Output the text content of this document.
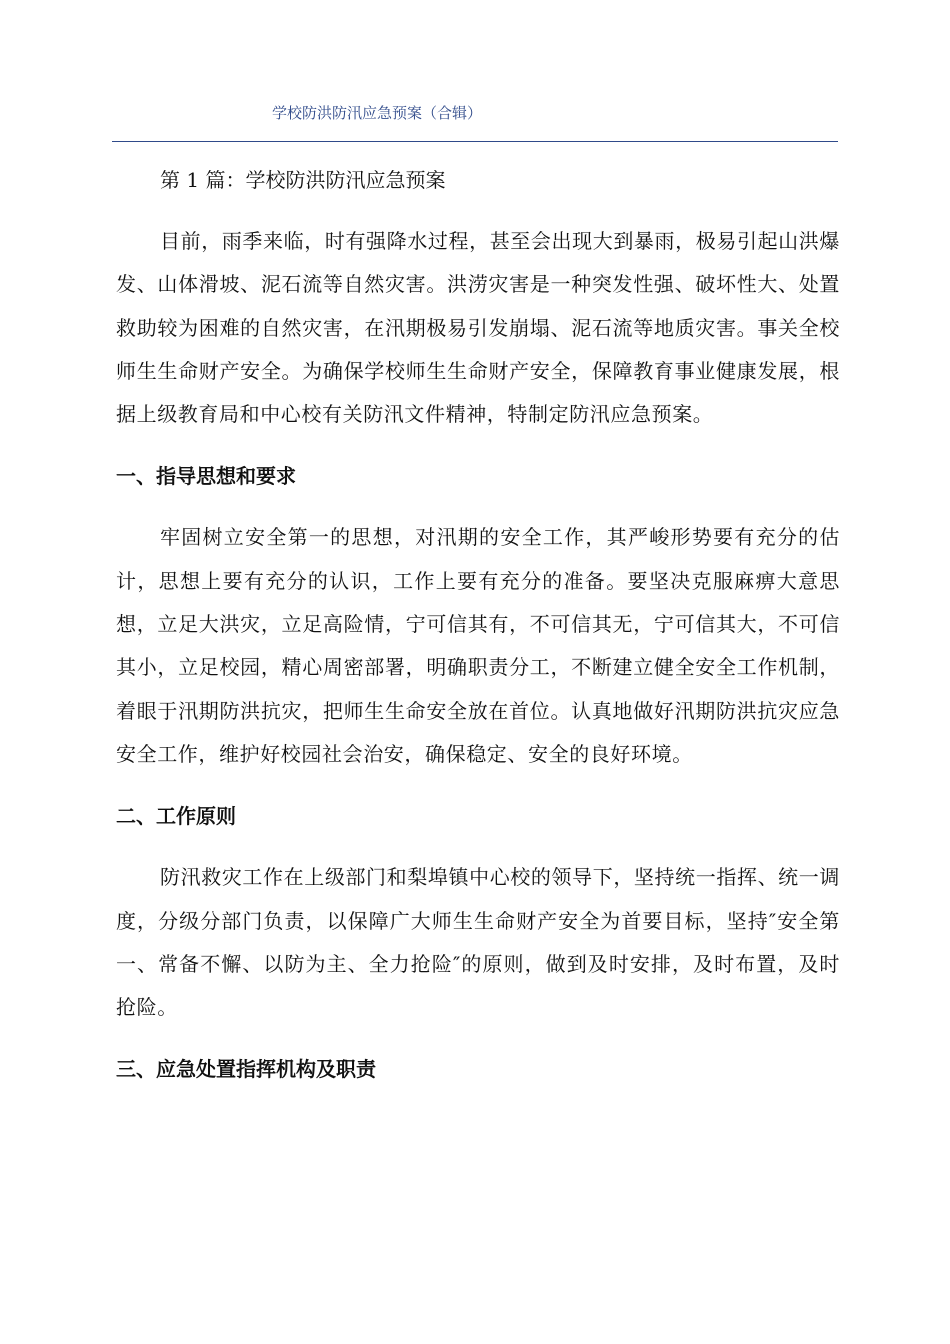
学校防洪防汛应急预案（合辑）

第 1 篇：学校防洪防汛应急预案

目前，雨季来临，时有强降水过程，甚至会出现大到暴雨，极易引起山洪爆发、山体滑坡、泥石流等自然灾害。洪涝灾害是一种突发性强、破坏性大、处置救助较为困难的自然灾害，在汛期极易引发崩塌、泥石流等地质灾害。事关全校师生生命财产安全。为确保学校师生生命财产安全，保障教育事业健康发展，根据上级教育局和中心校有关防汛文件精神，特制定防汛应急预案。

一、指导思想和要求

牢固树立安全第一的思想，对汛期的安全工作，其严峻形势要有充分的估计，思想上要有充分的认识，工作上要有充分的准备。要坚决克服麻痹大意思想，立足大洪灾，立足高险情，宁可信其有，不可信其无，宁可信其大，不可信其小，立足校园，精心周密部署，明确职责分工，不断建立健全安全工作机制，着眼于汛期防洪抗灾，把师生生命安全放在首位。认真地做好汛期防洪抗灾应急安全工作，维护好校园社会治安，确保稳定、安全的良好环境。

二、工作原则

防汛救灾工作在上级部门和梨埠镇中心校的领导下，坚持统一指挥、统一调度，分级分部门负责，以保障广大师生生命财产安全为首要目标，坚持″安全第一、常备不懈、以防为主、全力抢险″的原则，做到及时安排，及时布置，及时抢险。

三、应急处置指挥机构及职责
